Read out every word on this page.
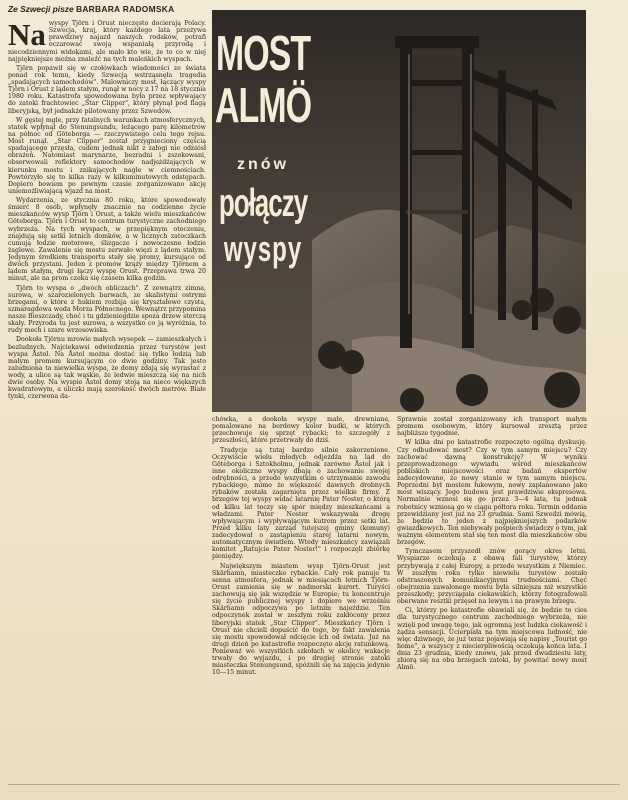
Ze Szwecji pisze BARBARA RADOMSKA

Na wyspy Tjörn i Orust nieczęsto docierają Polacy. Szwecja, kraj, który każdego lata przeżywa prawdziwy najazd naszych rodaków, potrafi oczarować swoją wspaniałą przyrodą i niecodziennymi widokami, ale mało kto wie, że to co w niej najpiękniejsze można znaleźć na tych maleńkich wyspach.

Tjörn popawił się w czołówkach wiadomości ze świata ponad rok temu, kiedy Szwecją wstrząsnęła tragedia „spadających samochodów". Malowniczy most, łączący wyspy Tjörn i Orust z lądem stałym, runął w nocy z 17 na 18 stycznia 1980 roku. Katastrofa spowodowana była przez wpływający do zatoki frachtowiec „Star Clipper", który płynął pod flagą liberyjską, był jednakże pilotowany przez Szwedów.

W gęstej mgle, przy fatalnych warunkach atmosferycznych, statek wpłynął do Stenungsundu, leżącego parę kilometrów na północ od Göteborga — rzeczywistego celu tego rejsu. Most runął. „Star Clipper" został przygnieciony częścią spadającego przęsła, cudem jednak nikt z załogi nie odniósł obrażeń. Natomiast marynarze, bezradni i zszokowani, obserwowali reflektory samochodów nadjeżdżających w kierunku mostu i znikających nagle w ciemnościach. Powtórzyło się to kilka razy w kilkuminutowych odstępach. Dopiero bowiem po pewnym czasie zorganizowano akcję uniemożliwiającą wjazd na most.

Wydarzenia, ze stycznia 80 roku, które spowodowały śmierć 8 osób, wpłynęły znacznie na codzienne życie mieszkańców wysp Tjörn i Orust, a także wielu mieszkańców Göteborga. Tjörn i Orust to centrum turystyczne zachodniego wybrzeża. Na tych wyspach, w przepięknym otoczeniu, znajdują się setki letnich domków, a w licznych zatoczkach cumują łodzie motorowe, ślizgacze i nowoczesne łodzie żaglowe. Zawalenie się mostu zerwało więzi z lądem stałym. Jedynym środkiem transportu stały się promy, kursujące od dwóch przystani. Jeden z promów krąży między Tjörnem a lądem stałym, drugi łączy wyspę Orust. Przeprawa trwa 20 minut, ale na prom czeka się czasem kilka godzin.

Tjörn to wyspa o „dwóch obliczach". Z zewnątrz zimna, surowa, w szarozielonych barwach, ze skalistymi ostrymi brzegami, o które z hukiem rozbija się kryształowo czysta, szmaragdowa woda Morza Północnego. Wewnątrz przypomina nasze Bieszczady, choć i tu gdzieniegdzie spoza drzew sterczą skały. Przyroda tu jest surowa, a wszystko co ją wyróżnia, to rudy mech i szare wrzosowiska.

Dookoła Tjörnu mrowie małych wysepek — zamieszkałych i bezludnych. Najciekawsi odwiedzenia przez turystów jest wyspa Åstol. Na Åstol można dostać się tylko łodzią lub małym promem kursującym co dwie godziny. Tak jesto zaludniona ta niewielka wyspa, że domy zdają się wyrastać z wody, a ulice są tak wąskie, że ledwie mieszczą się na nich dwie osoby. Na wyspie Åstol domy stoją na nieco większych kwadratowym, a uliczki mają szerokość dwóch metrów. Białe tynki, czerwona da-

MOST
ALMÖ
znów
połączy
wyspy

chówka, a dookoła wyspy małe, drewniane, pomalowane na bordowy kolor budki, w których przechowuje się sprzęt rybacki; to szczegóły z przeszłości, które przetrwały do dziś.

Tradycje są tutaj bardzo silnie zakorzenione. Oczywiście wielu młodych odjeżdża na ląd do Göteborga i Sztokholmu, jednak zarówno Åstol jak i inne okoliczne wyspy dbają o zachowanie swojej odrębności, a przede wszystkim o utrzymanie zawodu rybackiego, mimo że większość dawnych drobnych rybaków została zagarnięta przez wielkie firmy. Z brzegów tej wyspy widać latarnię Pater Noster, o którą od kilku lat toczy się spór między mieszkańcami a władzami. Pater Noster wskazywała drogę wpływającym i wypływającym kutrom przez setki lat. Przed kilku laty zarząd tutejszej gminy (komuny) zadecydował o zastąpieniu starej latarni nowym, automatycznym światłem. Wtedy mieszkańcy zawiązali komitet „Ratujcie Pater Noster!" i rozpoczęli zbiórkę pieniędzy.

Największym miastem wysp Tjörn-Orust jest Skärhamn, miasteczko rybackie. Cały rok panuje tu senna atmosfera, jednak w miesiącach letnich Tjörn-Orust zamienia się w nadmorski kurort. Turyści zachowują się jak wszędzie w Europie; tu koncentruje się życie publicznej wyspy i dopiero we wrześniu Skärhamn odpoczywa po letnim najeździe. Ten odpoczynek został w zeszłym roku zakłócony przez liberyjski statek „Star Clipper". Mieszkańcy Tjörn i Orust nie chcieli dopuścić do tego, by fakt zawalenia się mostu spowodował odcięcie ich od świata. Już na drugi dzień po katastrofie rozpoczęto akcję ratunkową. Ponieważ we wszystkich szkołach w okolicy wakacje trwały do wyjazdu, i po drugiej stronie zatoki miasteczka Stenungsund, spóźnili się na zajęcia jedynie 10—15 minut.

Sprawnie został zorganizowany ich transport małym promem osobowym, który kursował zresztą przez najbliższe tygodnie.

W kilka dni po katastrofie rozpoczęto ogólną dyskusję. Czy odbudować most? Czy w tym samym miejscu? Czy zachować dawną konstrukcję? W wyniku przeprowadzonego wywiadu wśród mieszkańców pobliskich miejscowości oraz badań ekspertów zadecydowano, że nowy stanie w tym samym miejscu. Poprzedni był mostem łukowym, nowy zaplanowano jako most wiszący. Jego budowa jest prawdziwie ekspresowa. Normalnie wznosi się go przez 3—4 lata, tu jednak robotnicy wzniosą go w ciągu półtora roku. Termin oddania przewidziany jest już na 23 grudnia. Sami Szwedzi mówią, że będzie to jeden z najpiękniejszych podarków gwiazdkowych. Ten niebywały pośpiech świadczy o tym, jak ważnym elementem stał się ten most dla mieszkańców obu brzegów.

Tymczasem przyszedł znów gorący okres letni. Wyspiarze oczekują z obawą fali turystów, którzy przybywają z całej Europy, a przede wszystkim z Niemiec. W zeszłym roku tylko niewielu turystów zostało odstraszonych komunikacyjnymi trudnościami. Chęć obejrzenia zawalonego mostu była silniejsza niż wszystkie przeszkody; przyciągała ciekawskich, którzy fotografowali oberwane resztki przęseł na lewym i na prawym brzegu.

Ci, którzy po katastrofie obawiali się, że będzie to cios dla turystycznego centrum zachodniego wybrzeża, nie wzięli pod uwagę tego, jak ogromną jest ludzka ciekawość i żądza sensacji. Ucierpiała na tym miejscowa ludność, nie więc dziwnego, że już teraz pojawiają się napisy „Tourist go home", a wszyscy z niecierpliwością oczekują końca lata. I dnia 23 grudnia, kiedy znowu, jak przed dwudziestu laty, zbiorą się na obu brzegach zatoki, by powitać nowy most Almö.
